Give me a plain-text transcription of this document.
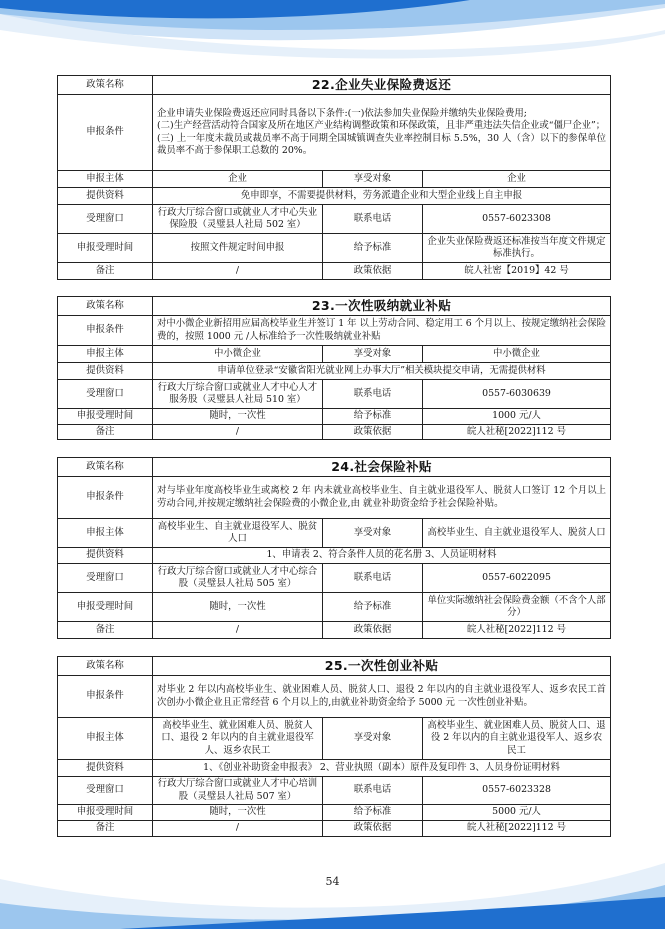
政策名称	22.企业失业保险费返还		
申报条件	企业申请失业保险费返还应同时具备以下条件:(一)依法参加失业保险并缴纳失业保险费用;
(二)生产经营活动符合国家及所在地区产业结构调整政策和环保政策，且非严重违法失信企业或“僵尸企业”；
(三) 上一年度未裁员或裁员率不高于同期全国城镇调查失业率控制目标 5.5%，30 人（含）以下的参保单位裁员率不高于参保职工总数的 20%。		

申报主体	企业	享受对象	企业
提供资料	免申即享，不需要提供材料，劳务派遣企业和大型企业线上自主申报		
受理窗口	行政大厅综合窗口或就业人才中心失业保险股（灵璧县人社局 502 室）	联系电话	0557-6023308
申报受理时间	按照文件规定时间申报	给予标准	企业失业保险费返还标准按当年度文件规定标准执行。
备注	/	政策依据	皖人社密【2019】42 号
政策名称	23.一次性吸纳就业补贴		
申报条件	对中小微企业新招用应届高校毕业生并签订 1 年 以上劳动合同、稳定用工 6 个月以上、按规定缴纳社会保险费的，按照 1000 元 /人标准给予一次性吸纳就业补贴		
申报主体	中小微企业	享受对象	中小微企业
提供资料	申请单位登录“安徽省阳光就业网上办事大厅”相关模块提交申请，无需提供材料		
受理窗口	行政大厅综合窗口或就业人才中心人才服务股（灵璧县人社局 510 室）	联系电话	0557-6030639
申报受理时间	随时，一次性	给予标准	1000 元/人
备注	/	政策依据	皖人社秘[2022]112 号
政策名称	24.社会保险补贴		
申报条件	对与毕业年度高校毕业生或离校 2 年 内未就业高校毕业生、自主就业退役军人、脱贫人口签订 12 个月以上劳动合同,并按规定缴纳社会保险费的小微企业,由 就业补助资金给予社会保险补贴。		
申报主体	高校毕业生、自主就业退役军人、脱贫人口	享受对象	高校毕业生、自主就业退役军人、脱贫人口
提供资料	1、申请表 2、符合条件人员的花名册 3、人员证明材料		
受理窗口	行政大厅综合窗口或就业人才中心综合股（灵璧县人社局 505 室）	联系电话	0557-6022095
申报受理时间	随时，一次性	给予标准	单位实际缴纳社会保险费金额（不含个人部分）
备注	/	政策依据	皖人社秘[2022]112 号
政策名称	25.一次性创业补贴		
申报条件	对毕业 2 年以内高校毕业生、就业困难人员、脱贫人口、退役 2 年以内的自主就业退役军人、返乡农民工首次创办小微企业且正常经营 6 个月以上的,由就业补助资金给予 5000 元 一次性创业补贴。		
申报主体	高校毕业生、就业困难人员、脱贫人口、退役 2 年以内的自主就业退役军人、返乡农民工	享受对象	高校毕业生、就业困难人员、脱贫人口、退役 2 年以内的自主就业退役军人、返乡农民工
提供资料	1、《创业补助资金申报表》 2、营业执照（副本）原件及复印件 3、人员身份证明材料		
受理窗口	行政大厅综合窗口或就业人才中心培训股（灵璧县人社局 507 室）	联系电话	0557-6023328
申报受理时间	随时，一次性	给予标准	5000 元/人
备注	/	政策依据	皖人社秘[2022]112 号
54
